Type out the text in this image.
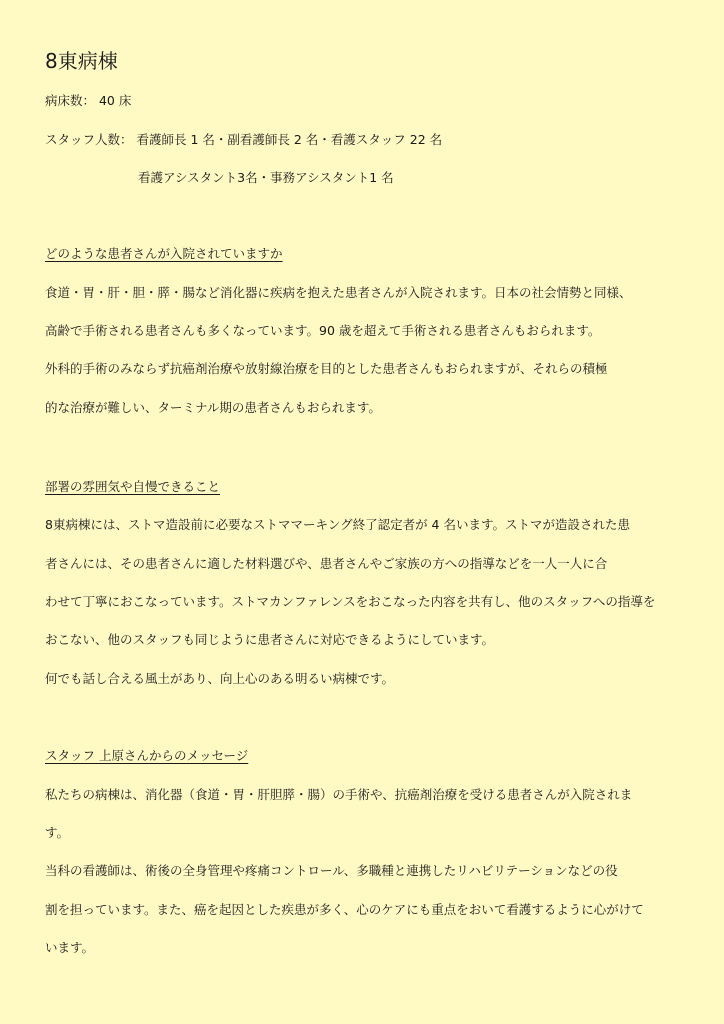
8東病棟

病床数： 40 床

スタッフ人数： 看護師長 1 名・副看護師長 2 名・看護スタッフ 22 名

看護アシスタント3名・事務アシスタント1 名

どのような患者さんが入院されていますか

食道・胃・肝・胆・膵・腸など消化器に疾病を抱えた患者さんが入院されます。日本の社会情勢と同様、

高齢で手術される患者さんも多くなっています。90 歳を超えて手術される患者さんもおられます。

外科的手術のみならず抗癌剤治療や放射線治療を目的とした患者さんもおられますが、それらの積極

的な治療が難しい、ターミナル期の患者さんもおられます。

部署の雰囲気や自慢できること

8東病棟には、ストマ造設前に必要なストママーキング終了認定者が 4 名います。ストマが造設された患

者さんには、その患者さんに適した材料選びや、患者さんやご家族の方への指導などを一人一人に合

わせて丁寧におこなっています。ストマカンファレンスをおこなった内容を共有し、他のスタッフへの指導を

おこない、他のスタッフも同じように患者さんに対応できるようにしています。

何でも話し合える風土があり、向上心のある明るい病棟です。

スタッフ 上原さんからのメッセージ

私たちの病棟は、消化器（食道・胃・肝胆膵・腸）の手術や、抗癌剤治療を受ける患者さんが入院されま

す。

当科の看護師は、術後の全身管理や疼痛コントロール、多職種と連携したリハビリテーションなどの役

割を担っています。また、癌を起因とした疾患が多く、心のケアにも重点をおいて看護するように心がけて

います。
